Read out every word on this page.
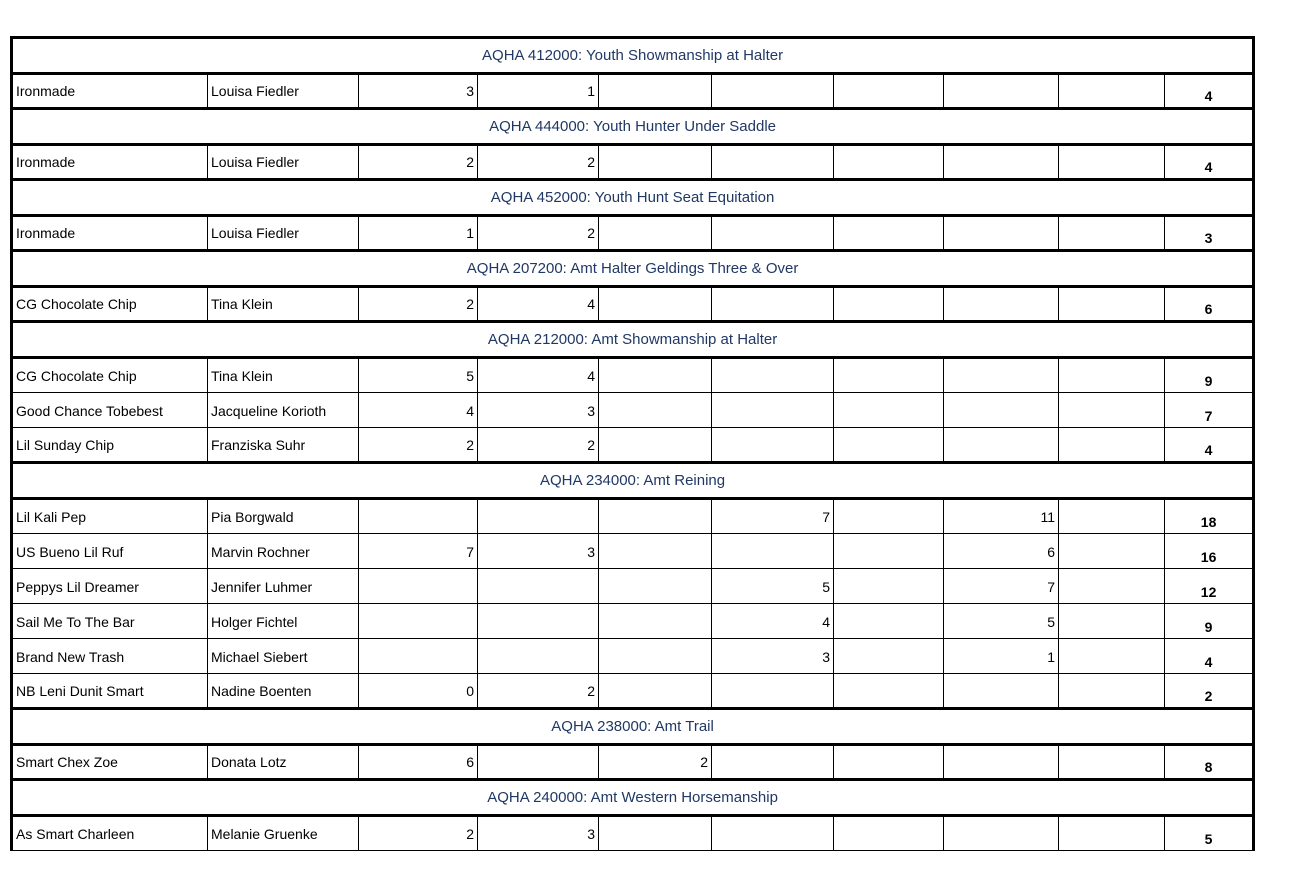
AQHA 412000: Youth Showmanship at Halter									
Ironmade	Louisa Fiedler	3	1						4
AQHA 444000: Youth Hunter Under Saddle									
Ironmade	Louisa Fiedler	2	2						4
AQHA 452000: Youth Hunt Seat Equitation									
Ironmade	Louisa Fiedler	1	2						3
AQHA 207200: Amt Halter Geldings Three & Over									
CG Chocolate Chip	Tina Klein	2	4						6
AQHA 212000: Amt Showmanship at Halter									
CG Chocolate Chip	Tina Klein	5	4						9
Good Chance Tobebest	Jacqueline Korioth	4	3						7
Lil Sunday Chip	Franziska Suhr	2	2						4
AQHA 234000: Amt Reining									
Lil Kali Pep	Pia Borgwald				7		11		18
US Bueno Lil Ruf	Marvin Rochner	7	3				6		16
Peppys Lil Dreamer	Jennifer Luhmer				5		7		12
Sail Me To The Bar	Holger Fichtel				4		5		9
Brand New Trash	Michael Siebert				3		1		4
NB Leni Dunit Smart	Nadine Boenten	0	2						2
AQHA 238000: Amt Trail									
Smart Chex Zoe	Donata Lotz	6		2					8
AQHA 240000: Amt Western Horsemanship									
As Smart Charleen	Melanie Gruenke	2	3						5
